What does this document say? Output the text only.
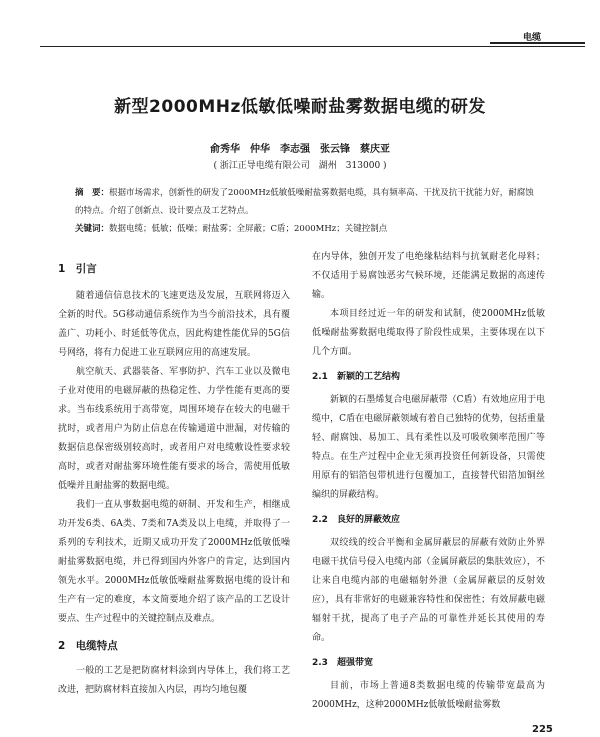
电缆
新型2000MHz低敏低噪耐盐雾数据电缆的研发
俞秀华　仲华　李志强　张云锋　蔡庆亚
( 浙江正导电缆有限公司　湖州　313000 )
摘　要：根据市场需求，创新性的研发了2000MHz低敏低噪耐盐雾数据电缆，具有频率高、干扰及抗干扰能力好，耐腐蚀的特点。介绍了创新点、设计要点及工艺特点。
关键词：数据电缆；低敏；低噪；耐盐雾；全屏蔽；C盾；2000MHz；关键控制点

1　引言

随着通信信息技术的飞速更迭及发展，互联网将迈入全新的时代。5G移动通信系统作为当今前沿技术，具有覆盖广、功耗小、时延低等优点，因此构建性能优异的5G信号网络，将有力促进工业互联网应用的高速发展。

航空航天、武器装备、军事防护、汽车工业以及微电子业对使用的电磁屏蔽的热稳定性、力学性能有更高的要求。当布线系统用于高带宽，周围环境存在较大的电磁干扰时，或者用户为防止信息在传输通道中泄漏，对传输的数据信息保密级别较高时，或者用户对电缆敷设性要求较高时，或者对耐盐雾环境性能有要求的场合，需使用低敏低噪并且耐盐雾的数据电缆。

我们一直从事数据电缆的研制、开发和生产，相继成功开发6类、6A类、7类和7A类及以上电缆，并取得了一系列的专利技术，近期又成功开发了2000MHz低敏低噪耐盐雾数据电缆，并已得到国内外客户的肯定，达到国内领先水平。2000MHz低敏低噪耐盐雾数据电缆的设计和生产有一定的难度，本文简要地介绍了该产品的工艺设计要点、生产过程中的关键控制点及难点。

2　电缆特点

一般的工艺是把防腐材料涂到内导体上，我们将工艺改进，把防腐材料直接加入内层，再均匀地包覆

在内导体，独创开发了电绝缘粘结料与抗氧耐老化母料；不仅适用于易腐蚀恶劣气候环境，还能满足数据的高速传输。

本项目经过近一年的研发和试制，使2000MHz低敏低噪耐盐雾数据电缆取得了阶段性成果，主要体现在以下几个方面。

2.1　新颖的工艺结构

新颖的石墨烯复合电磁屏蔽带（C盾）有效地应用于电缆中，C盾在电磁屏蔽领域有着自己独特的优势，包括重量轻、耐腐蚀、易加工、具有柔性以及可吸收频率范围广等特点。在生产过程中企业无须再投资任何新设备，只需使用原有的铝箔包带机进行包覆加工，直接替代铝箔加铜丝编织的屏蔽结构。

2.2　良好的屏蔽效应

双绞线的绞合平衡和金属屏蔽层的屏蔽有效防止外界电磁干扰信号侵入电缆内部（金属屏蔽层的集肤效应），不让来自电缆内部的电磁辐射外泄（金属屏蔽层的反射效应），具有非常好的电磁兼容特性和保密性；有效屏蔽电磁辐射干扰，提高了电子产品的可靠性并延长其使用的寿命。

2.3　超强带宽

目前，市场上普通8类数据电缆的传输带宽最高为2000MHz，这种2000MHz低敏低噪耐盐雾数

225
